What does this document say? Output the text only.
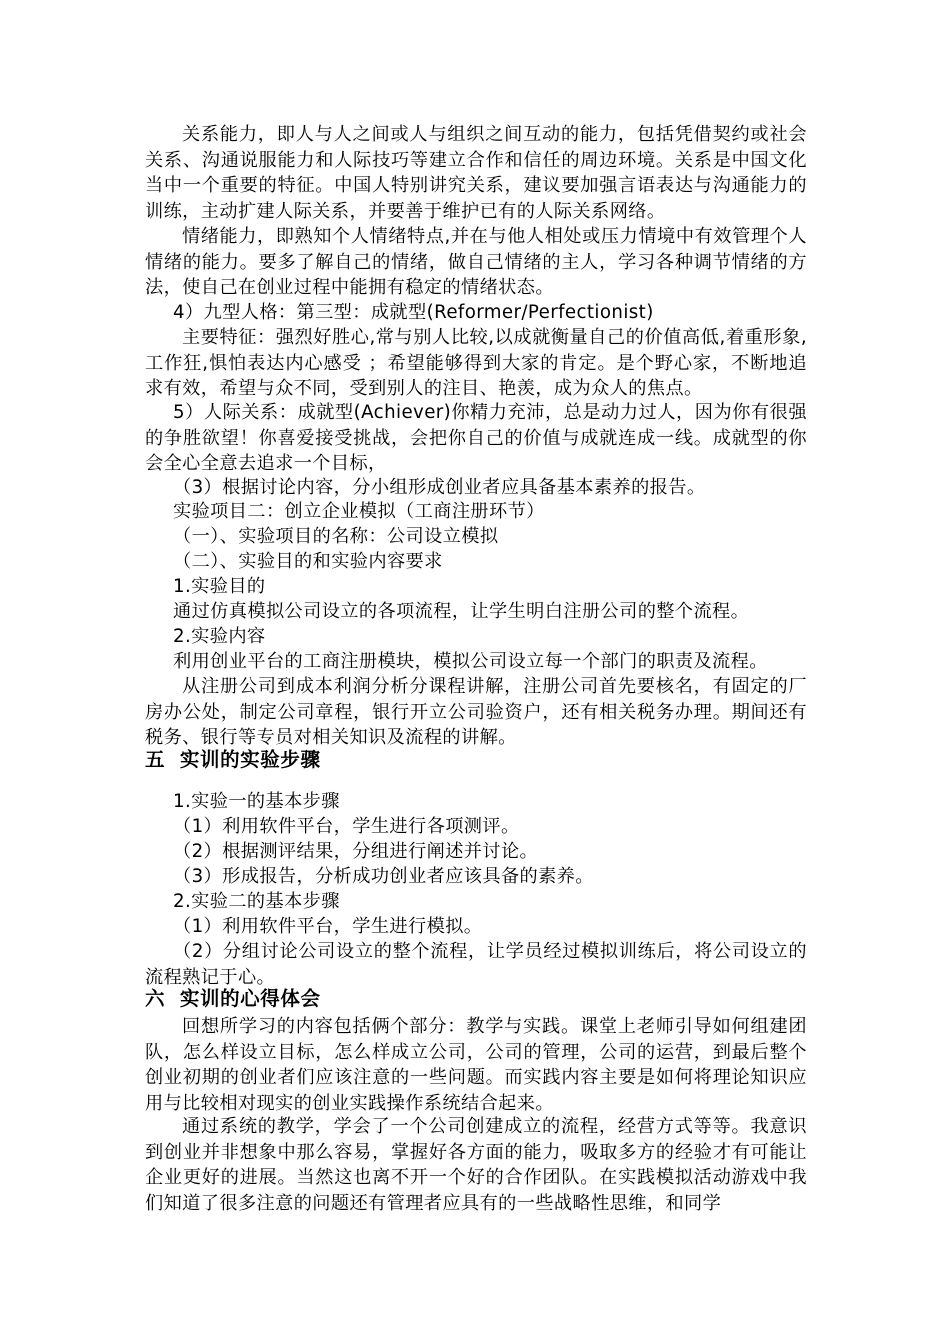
关系能力，即人与人之间或人与组织之间互动的能力，包括凭借契约或社会关系、沟通说服能力和人际技巧等建立合作和信任的周边环境。关系是中国文化当中一个重要的特征。中国人特别讲究关系，建议要加强言语表达与沟通能力的训练，主动扩建人际关系，并要善于维护已有的人际关系网络。

情绪能力，即熟知个人情绪特点,并在与他人相处或压力情境中有效管理个人情绪的能力。要多了解自己的情绪，做自己情绪的主人，学习各种调节情绪的方法，使自己在创业过程中能拥有稳定的情绪状态。

4）九型人格：第三型：成就型(Reformer/Perfectionist)

主要特征：强烈好胜心,常与别人比较,以成就衡量自己的价值高低,着重形象,工作狂,惧怕表达内心感受 ；希望能够得到大家的肯定。是个野心家，不断地追求有效，希望与众不同，受到别人的注目、艳羡，成为众人的焦点。

5）人际关系：成就型(Achiever)你精力充沛，总是动力过人，因为你有很强的争胜欲望！你喜爱接受挑战，会把你自己的价值与成就连成一线。成就型的你会全心全意去追求一个目标，

（3）根据讨论内容，分小组形成创业者应具备基本素养的报告。

实验项目二：创立企业模拟（工商注册环节）

（一）、实验项目的名称：公司设立模拟

（二）、实验目的和实验内容要求

1.实验目的

通过仿真模拟公司设立的各项流程，让学生明白注册公司的整个流程。

2.实验内容

利用创业平台的工商注册模块，模拟公司设立每一个部门的职责及流程。

从注册公司到成本利润分析分课程讲解，注册公司首先要核名，有固定的厂房办公处，制定公司章程，银行开立公司验资户，还有相关税务办理。期间还有税务、银行等专员对相关知识及流程的讲解。

五  实训的实验步骤

1.实验一的基本步骤

（1）利用软件平台，学生进行各项测评。

（2）根据测评结果，分组进行阐述并讨论。

（3）形成报告，分析成功创业者应该具备的素养。

2.实验二的基本步骤

（1）利用软件平台，学生进行模拟。

（2）分组讨论公司设立的整个流程，让学员经过模拟训练后，将公司设立的流程熟记于心。

六  实训的心得体会

回想所学习的内容包括俩个部分：教学与实践。课堂上老师引导如何组建团队，怎么样设立目标，怎么样成立公司，公司的管理，公司的运营，到最后整个创业初期的创业者们应该注意的一些问题。而实践内容主要是如何将理论知识应用与比较相对现实的创业实践操作系统结合起来。

通过系统的教学，学会了一个公司创建成立的流程，经营方式等等。我意识到创业并非想象中那么容易，掌握好各方面的能力，吸取多方的经验才有可能让企业更好的进展。当然这也离不开一个好的合作团队。在实践模拟活动游戏中我们知道了很多注意的问题还有管理者应具有的一些战略性思维，和同学
